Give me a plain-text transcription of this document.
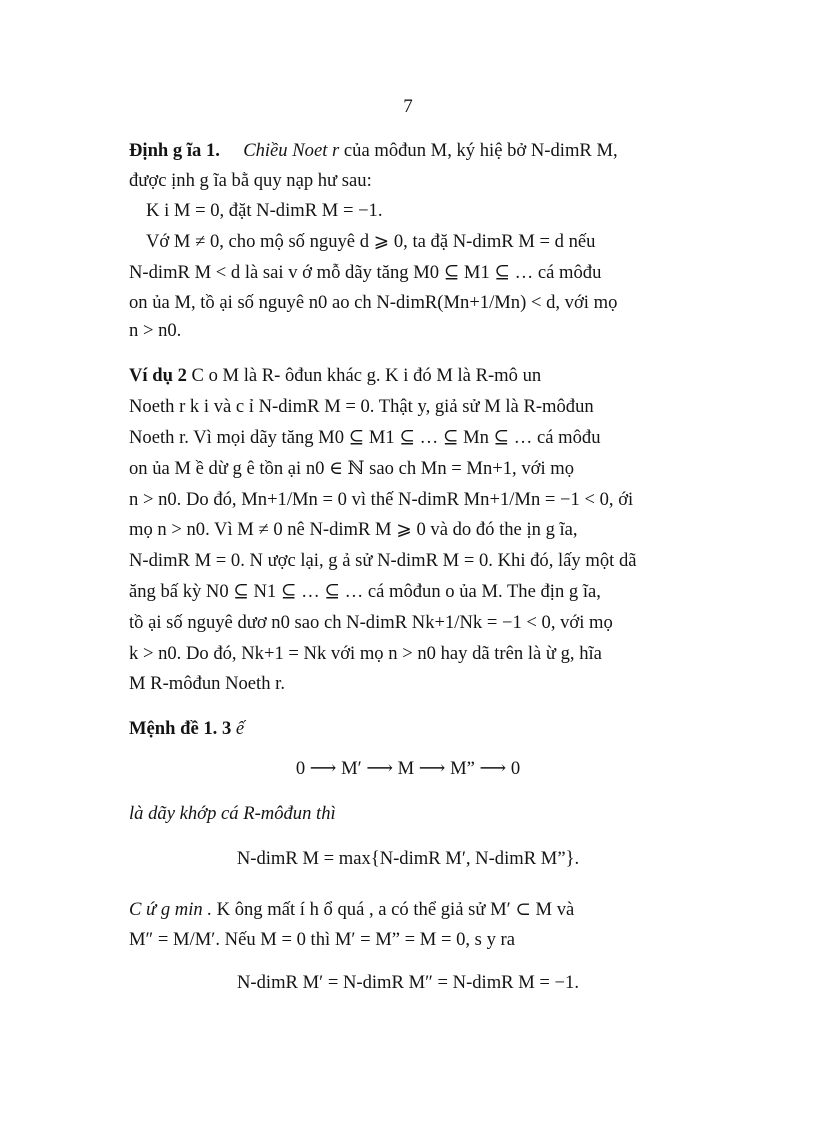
7
Định g ĩa 1. Chiều Noet r của môđun M, ký hiệ bở N-dimR M,
được ịnh g ĩa bằ quy nạp hư sau:
K i M = 0, đặt N-dimR M = −1.
Vớ M ≠ 0, cho mộ số nguyê d ⩾ 0, ta đặ N-dimR M = d nếu
N-dimR M < d là sai v ớ mỗ dãy tăng M0 ⊆ M1 ⊆ … cá môđu
on ủa M, tồ ại số nguyê n0 ao ch N-dimR(Mn+1/Mn) < d, với mọ
n > n0.
Ví dụ 2 C o M là R- ôđun khác g. K i đó M là R-mô un
Noeth r k i và c ỉ N-dimR M = 0. Thật y, giả sử M là R-môđun
Noeth r. Vì mọi dãy tăng M0 ⊆ M1 ⊆ … ⊆ Mn ⊆ … cá môđu
on ủa M ề dừ g ê tồn ại n0 ∈ ℕ sao ch Mn = Mn+1, với mọ
n > n0. Do đó, Mn+1/Mn = 0 vì thế N-dimR Mn+1/Mn = −1 < 0, ới
mọ n > n0. Vì M ≠ 0 nê N-dimR M ⩾ 0 và do đó the ịn g ĩa,
N-dimR M = 0. N ược lại, g ả sử N-dimR M = 0. Khi đó, lấy một dã
ăng bấ kỳ N0 ⊆ N1 ⊆ … ⊆ … cá môđun o ủa M. The địn g ĩa,
tồ ại số nguyê dươ n0 sao ch N-dimR Nk+1/Nk = −1 < 0, với mọ
k > n0. Do đó, Nk+1 = Nk với mọ n > n0 hay dã trên là ừ g, hĩa
M R-môđun Noeth r.
Mệnh đề 1. 3 ế
0 ⟶ M′ ⟶ M ⟶ M” ⟶ 0
là dãy khớp cá R-môđun thì
N-dimR M = max{N-dimR M′, N-dimR M”}.
C ứ g min . K ông mất í h ổ quá , a có thể giả sử M′ ⊂ M và
M″ = M/M′. Nếu M = 0 thì M′ = M” = M = 0, s y ra
N-dimR M′ = N-dimR M″ = N-dimR M = −1.
